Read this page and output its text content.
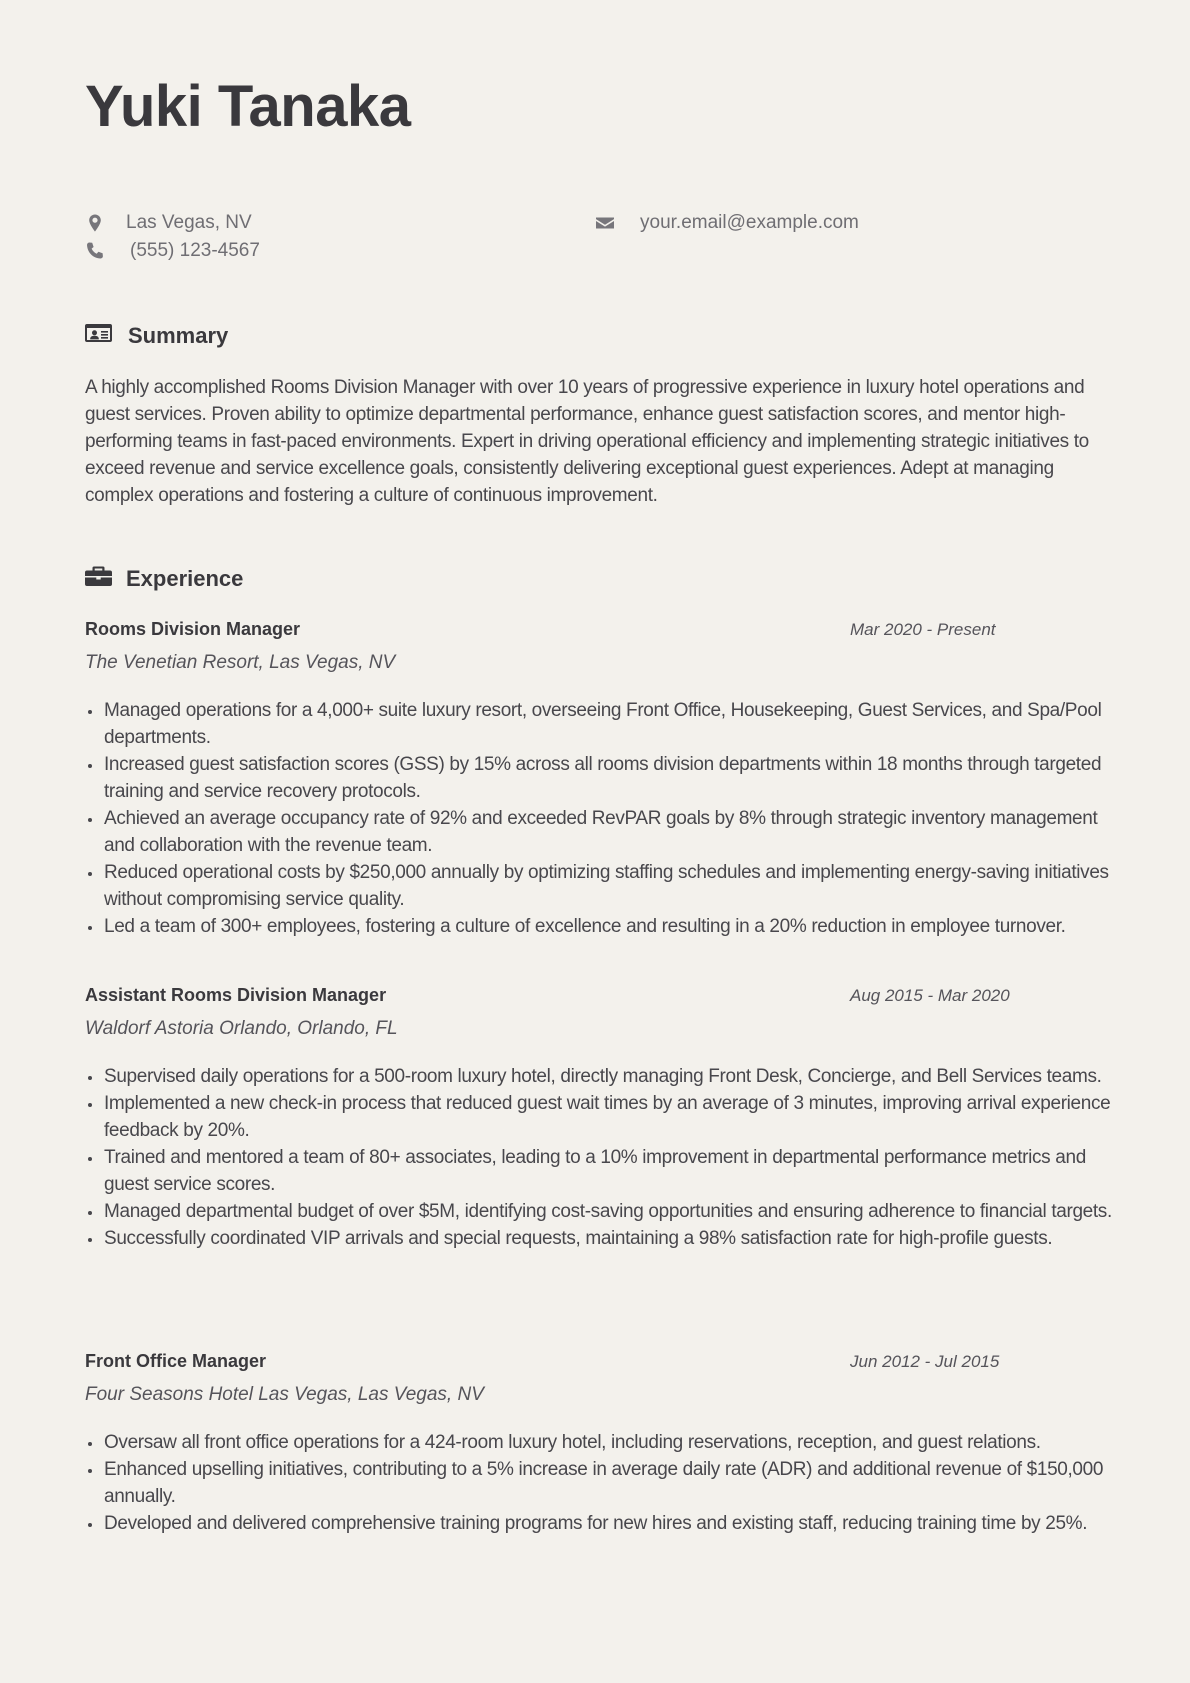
Yuki Tanaka
Las Vegas, NV
(555) 123-4567
your.email@example.com
Summary

A highly accomplished Rooms Division Manager with over 10 years of progressive experience in luxury hotel operations and guest services. Proven ability to optimize departmental performance, enhance guest satisfaction scores, and mentor high-performing teams in fast-paced environments. Expert in driving operational efficiency and implementing strategic initiatives to exceed revenue and service excellence goals, consistently delivering exceptional guest experiences. Adept at managing complex operations and fostering a culture of continuous improvement.

Experience
Rooms Division Manager	Mar 2020 - Present
The Venetian Resort, Las Vegas, NV
Managed operations for a 4,000+ suite luxury resort, overseeing Front Office, Housekeeping, Guest Services, and Spa/Pool departments.
Increased guest satisfaction scores (GSS) by 15% across all rooms division departments within 18 months through targeted training and service recovery protocols.
Achieved an average occupancy rate of 92% and exceeded RevPAR goals by 8% through strategic inventory management and collaboration with the revenue team.
Reduced operational costs by $250,000 annually by optimizing staffing schedules and implementing energy-saving initiatives without compromising service quality.
Led a team of 300+ employees, fostering a culture of excellence and resulting in a 20% reduction in employee turnover.
Assistant Rooms Division Manager	Aug 2015 - Mar 2020
Waldorf Astoria Orlando, Orlando, FL
Supervised daily operations for a 500-room luxury hotel, directly managing Front Desk, Concierge, and Bell Services teams.
Implemented a new check-in process that reduced guest wait times by an average of 3 minutes, improving arrival experience feedback by 20%.
Trained and mentored a team of 80+ associates, leading to a 10% improvement in departmental performance metrics and guest service scores.
Managed departmental budget of over $5M, identifying cost-saving opportunities and ensuring adherence to financial targets.
Successfully coordinated VIP arrivals and special requests, maintaining a 98% satisfaction rate for high-profile guests.
Front Office Manager	Jun 2012 - Jul 2015
Four Seasons Hotel Las Vegas, Las Vegas, NV
Oversaw all front office operations for a 424-room luxury hotel, including reservations, reception, and guest relations.
Enhanced upselling initiatives, contributing to a 5% increase in average daily rate (ADR) and additional revenue of $150,000 annually.
Developed and delivered comprehensive training programs for new hires and existing staff, reducing training time by 25%.
